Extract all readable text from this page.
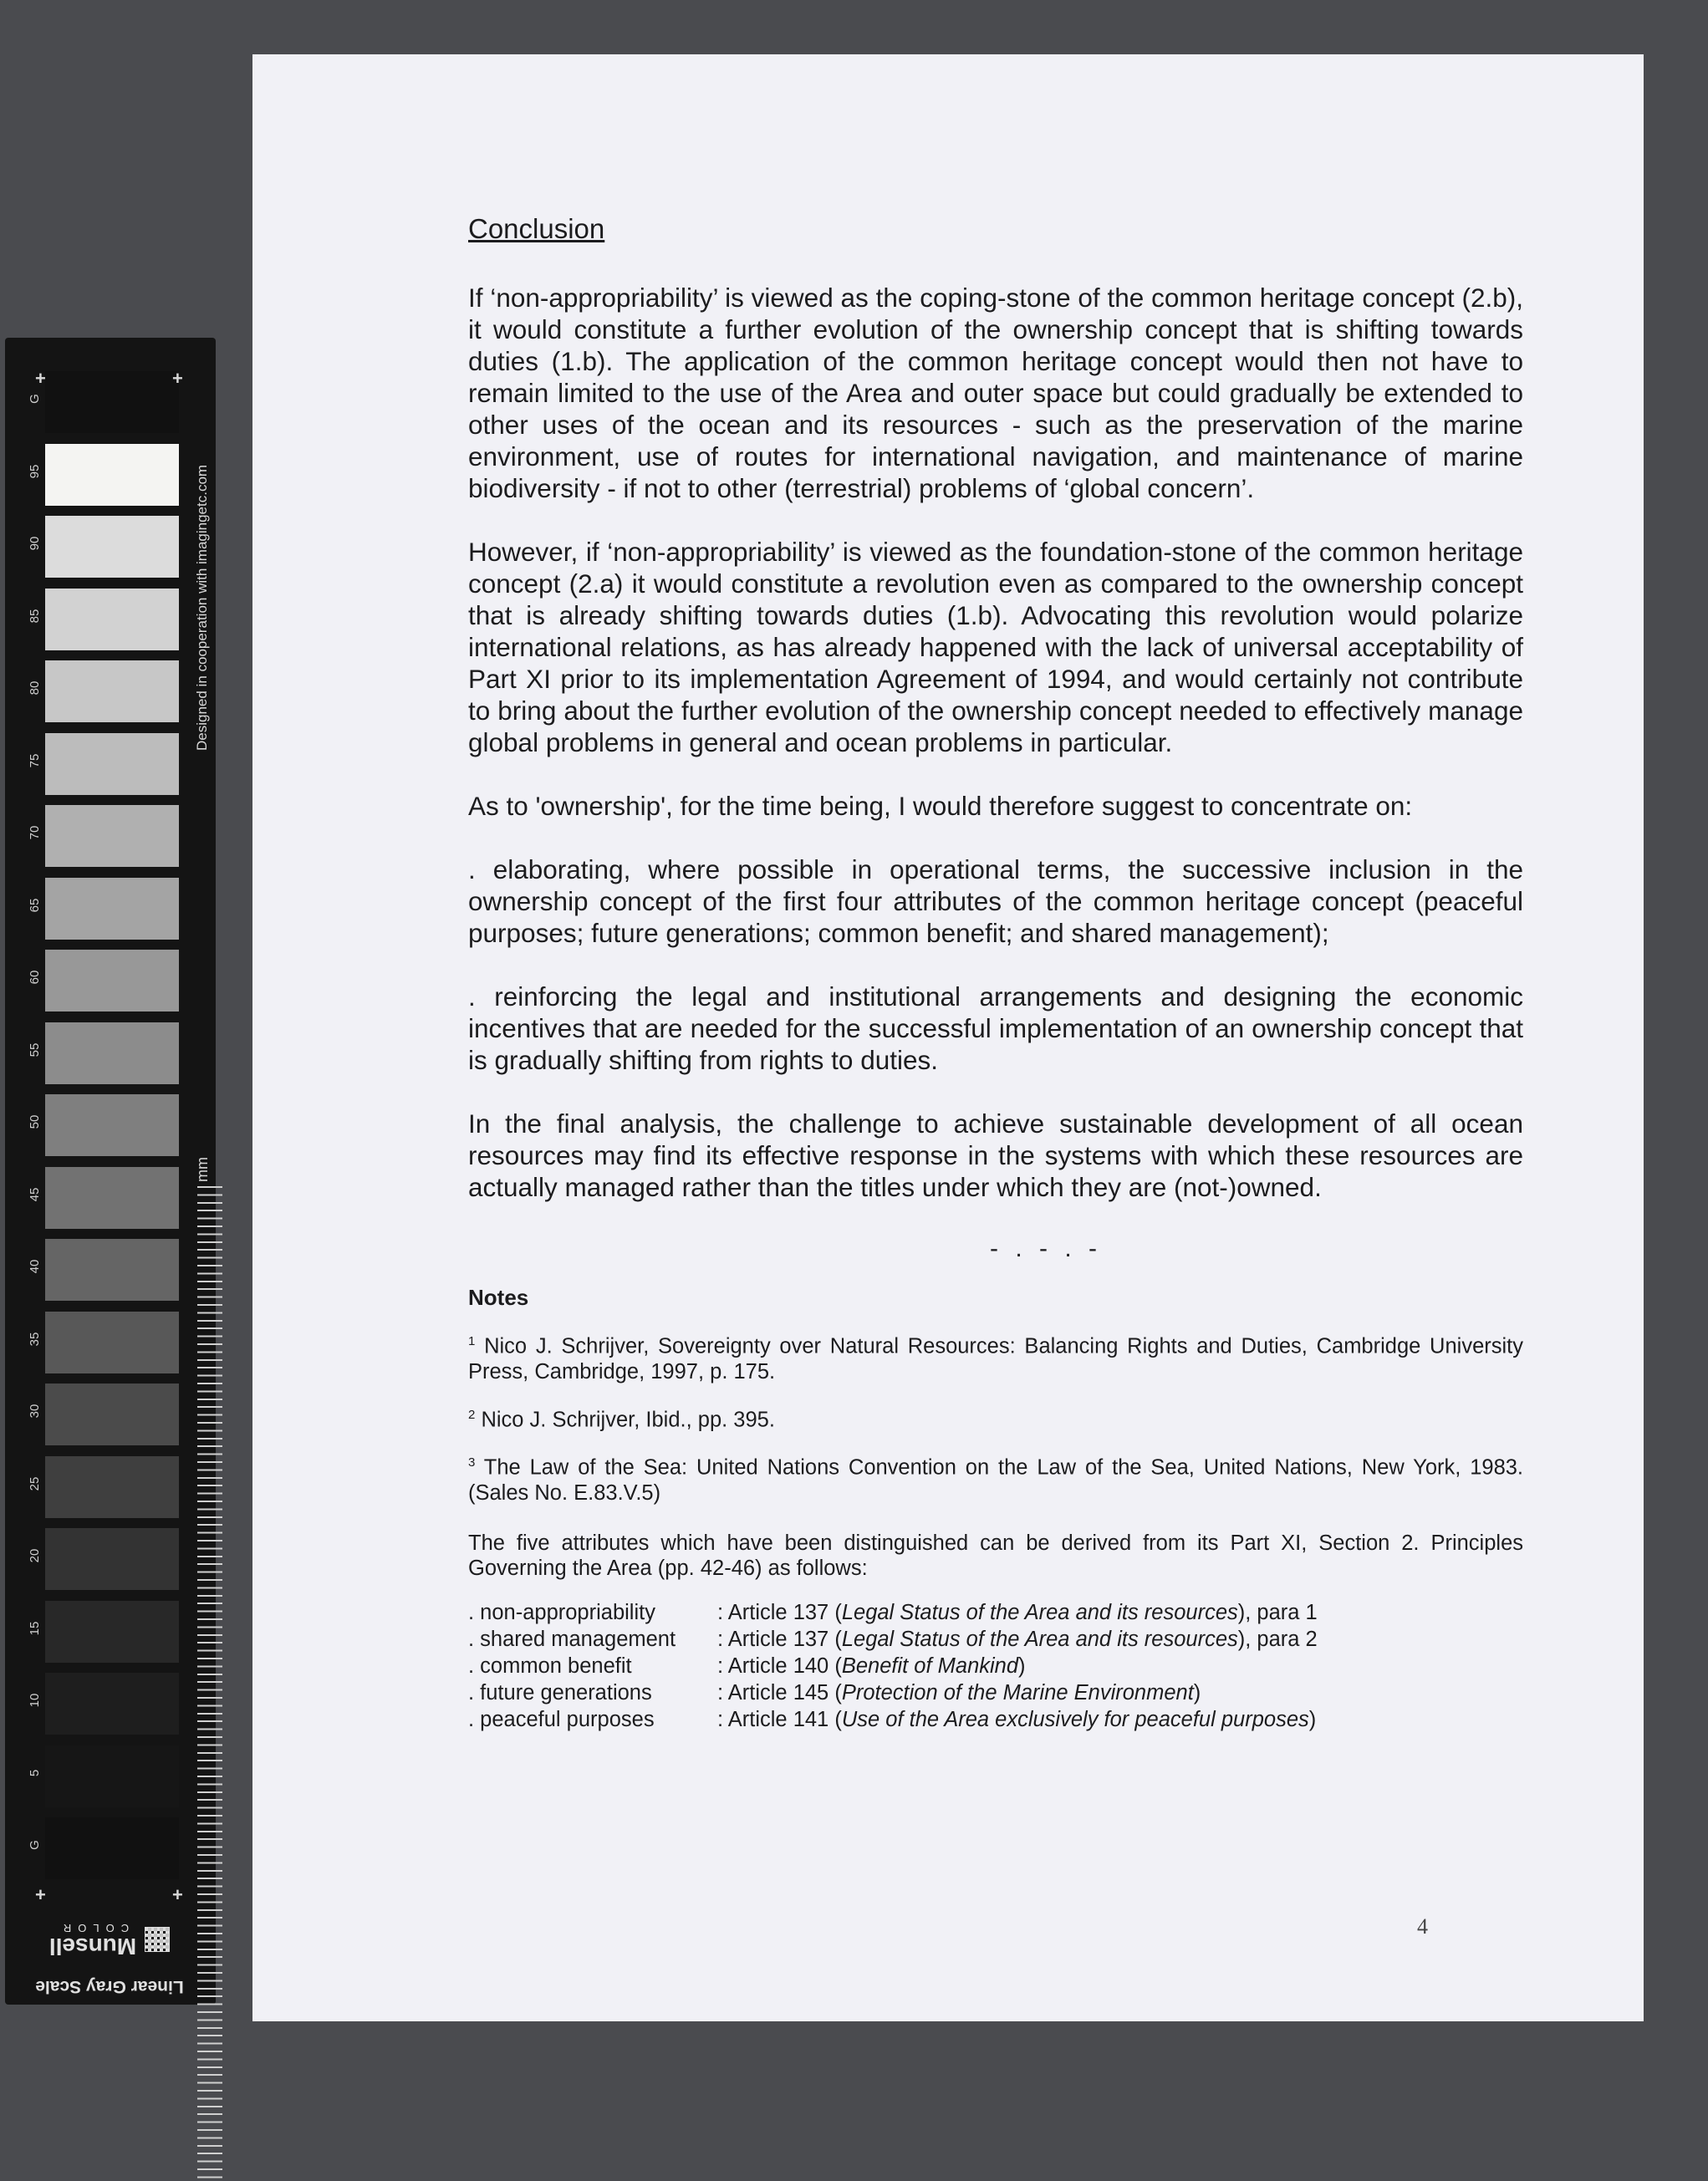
+	+
+	+
G
95
90
85
80
75
70
65
60
55
50
45
40
35
30
25
20
15
10
5
G
mm
Designed in cooperation with imagingetc.com
Linear Gray Scale
Munsell
COLOR
Conclusion

If ‘non-appropriability’ is viewed as the coping-stone of the common heritage concept (2.b), it would constitute a further evolution of the ownership concept that is shifting towards duties (1.b). The application of the common heritage concept would then not have to remain limited to the use of the Area and outer space but could gradually be extended to other uses of the ocean and its resources - such as the preservation of the marine environment, use of routes for international navigation, and maintenance of marine biodiversity - if not to other (terrestrial) problems of ‘global concern’.

However, if ‘non-appropriability’ is viewed as the foundation-stone of the common heritage concept (2.a) it would constitute a revolution even as compared to the ownership concept that is already shifting towards duties (1.b). Advocating this revolution would polarize international relations, as has already happened with the lack of universal acceptability of Part XI prior to its implementation Agreement of 1994, and would certainly not contribute to bring about the further evolution of the ownership concept needed to effectively manage global problems in general and ocean problems in particular.

As to 'ownership', for the time being, I would therefore suggest to concentrate on:

. elaborating, where possible in operational terms, the successive inclusion in the ownership concept of the first four attributes of the common heritage concept (peaceful purposes; future generations; common benefit; and shared management);

. reinforcing the legal and institutional arrangements and designing the economic incentives that are needed for the successful implementation of an ownership concept that is gradually shifting from rights to duties.

In the final analysis, the challenge to achieve sustainable development of all ocean resources may find its effective response in the systems with which these resources are actually managed rather than the titles under which they are (not-)owned.

- . - . -
Notes

$^1$ Nico J. Schrijver, Sovereignty over Natural Resources: Balancing Rights and Duties, Cambridge University Press, Cambridge, 1997, p. 175.

$^2$ Nico J. Schrijver, Ibid., pp. 395.

$^3$ The Law of the Sea: United Nations Convention on the Law of the Sea, United Nations, New York, 1983. (Sales No. E.83.V.5)

The five attributes which have been distinguished can be derived from its Part XI, Section 2. Principles Governing the Area (pp. 42-46) as follows:

. non-appropriability	: Article 137 (Legal Status of the Area and its resources), para 1
. shared management	: Article 137 (Legal Status of the Area and its resources), para 2
. common benefit	: Article 140 (Benefit of Mankind)
. future generations	: Article 145 (Protection of the Marine Environment)
. peaceful purposes	: Article 141 (Use of the Area exclusively for peaceful purposes)
4
